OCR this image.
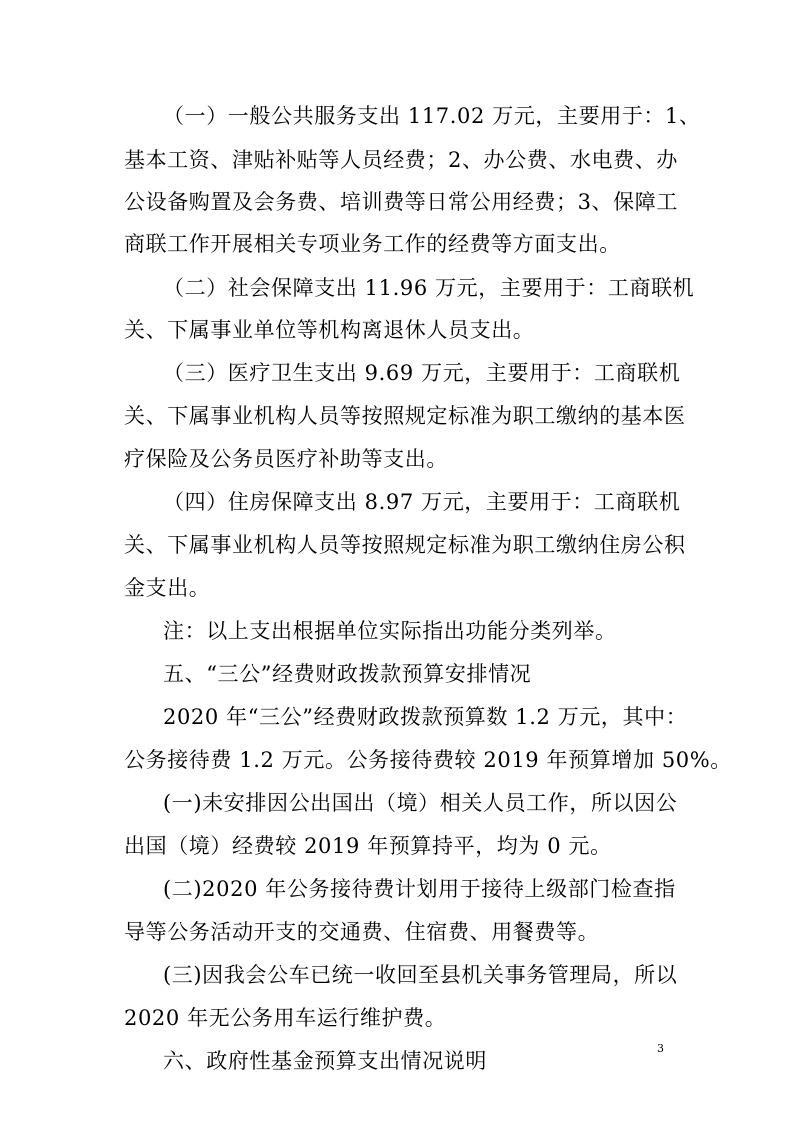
（一）一般公共服务支出 117.02 万元，主要用于：1、
基本工资、津贴补贴等人员经费；2、办公费、水电费、办
公设备购置及会务费、培训费等日常公用经费；3、保障工
商联工作开展相关专项业务工作的经费等方面支出。
（二）社会保障支出 11.96 万元，主要用于：工商联机
关、下属事业单位等机构离退休人员支出。
（三）医疗卫生支出 9.69 万元，主要用于：工商联机
关、下属事业机构人员等按照规定标准为职工缴纳的基本医
疗保险及公务员医疗补助等支出。
（四）住房保障支出 8.97 万元，主要用于：工商联机
关、下属事业机构人员等按照规定标准为职工缴纳住房公积
金支出。
注：以上支出根据单位实际指出功能分类列举。
五、“三公”经费财政拨款预算安排情况
2020 年“三公”经费财政拨款预算数 1.2 万元，其中：
公务接待费 1.2 万元。公务接待费较 2019 年预算增加 50%。
(一)未安排因公出国出（境）相关人员工作，所以因公
出国（境）经费较 2019 年预算持平，均为 0 元。
(二)2020 年公务接待费计划用于接待上级部门检查指
导等公务活动开支的交通费、住宿费、用餐费等。
(三)因我会公车已统一收回至县机关事务管理局，所以
2020 年无公务用车运行维护费。
六、政府性基金预算支出情况说明
3
